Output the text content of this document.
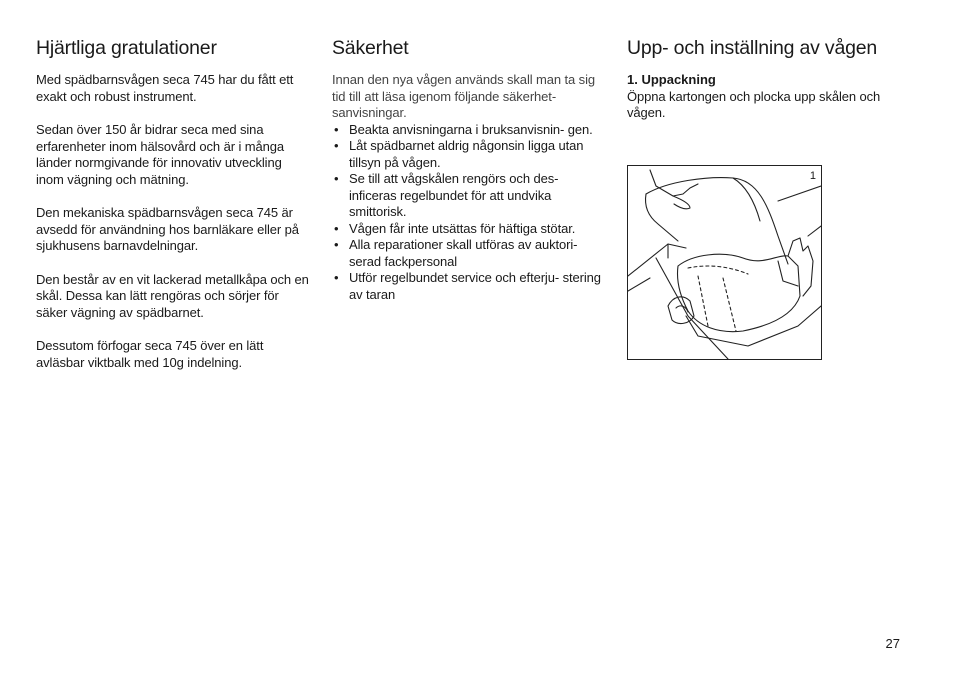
Hjärtliga gratulationer

Med spädbarnsvågen seca 745 har du fått ett exakt och robust instrument.

Sedan över 150 år bidrar seca med sina erfarenheter inom hälsovård och är i många länder normgivande för innovativ utveckling inom vägning och mätning.

Den mekaniska spädbarnsvågen seca 745 är avsedd för användning hos barnläkare eller på sjukhusens barnavdelningar.

Den består av en vit lackerad metallkåpa och en skål. Dessa kan lätt rengöras och sörjer för säker vägning av spädbarnet.

Dessutom förfogar seca 745 över en lätt avläsbar viktbalk med 10g indelning.

Säkerhet

Innan den nya vågen används skall man ta sig tid till att läsa igenom följande säkerhet- sanvisningar.

• Beakta anvisningarna i bruksanvisnin- gen.
• Låt spädbarnet aldrig någonsin ligga utan tillsyn på vågen.
• Se till att vågskålen rengörs och des- inficeras regelbundet för att undvika smittorisk.
• Vågen får inte utsättas för häftiga stötar.
• Alla reparationer skall utföras av auktori- serad fackpersonal
• Utför regelbundet service och efterju- stering av taran
Upp- och inställning av vågen
1. Uppackning

Öppna kartongen och plocka upp skålen och vågen.

1
27
